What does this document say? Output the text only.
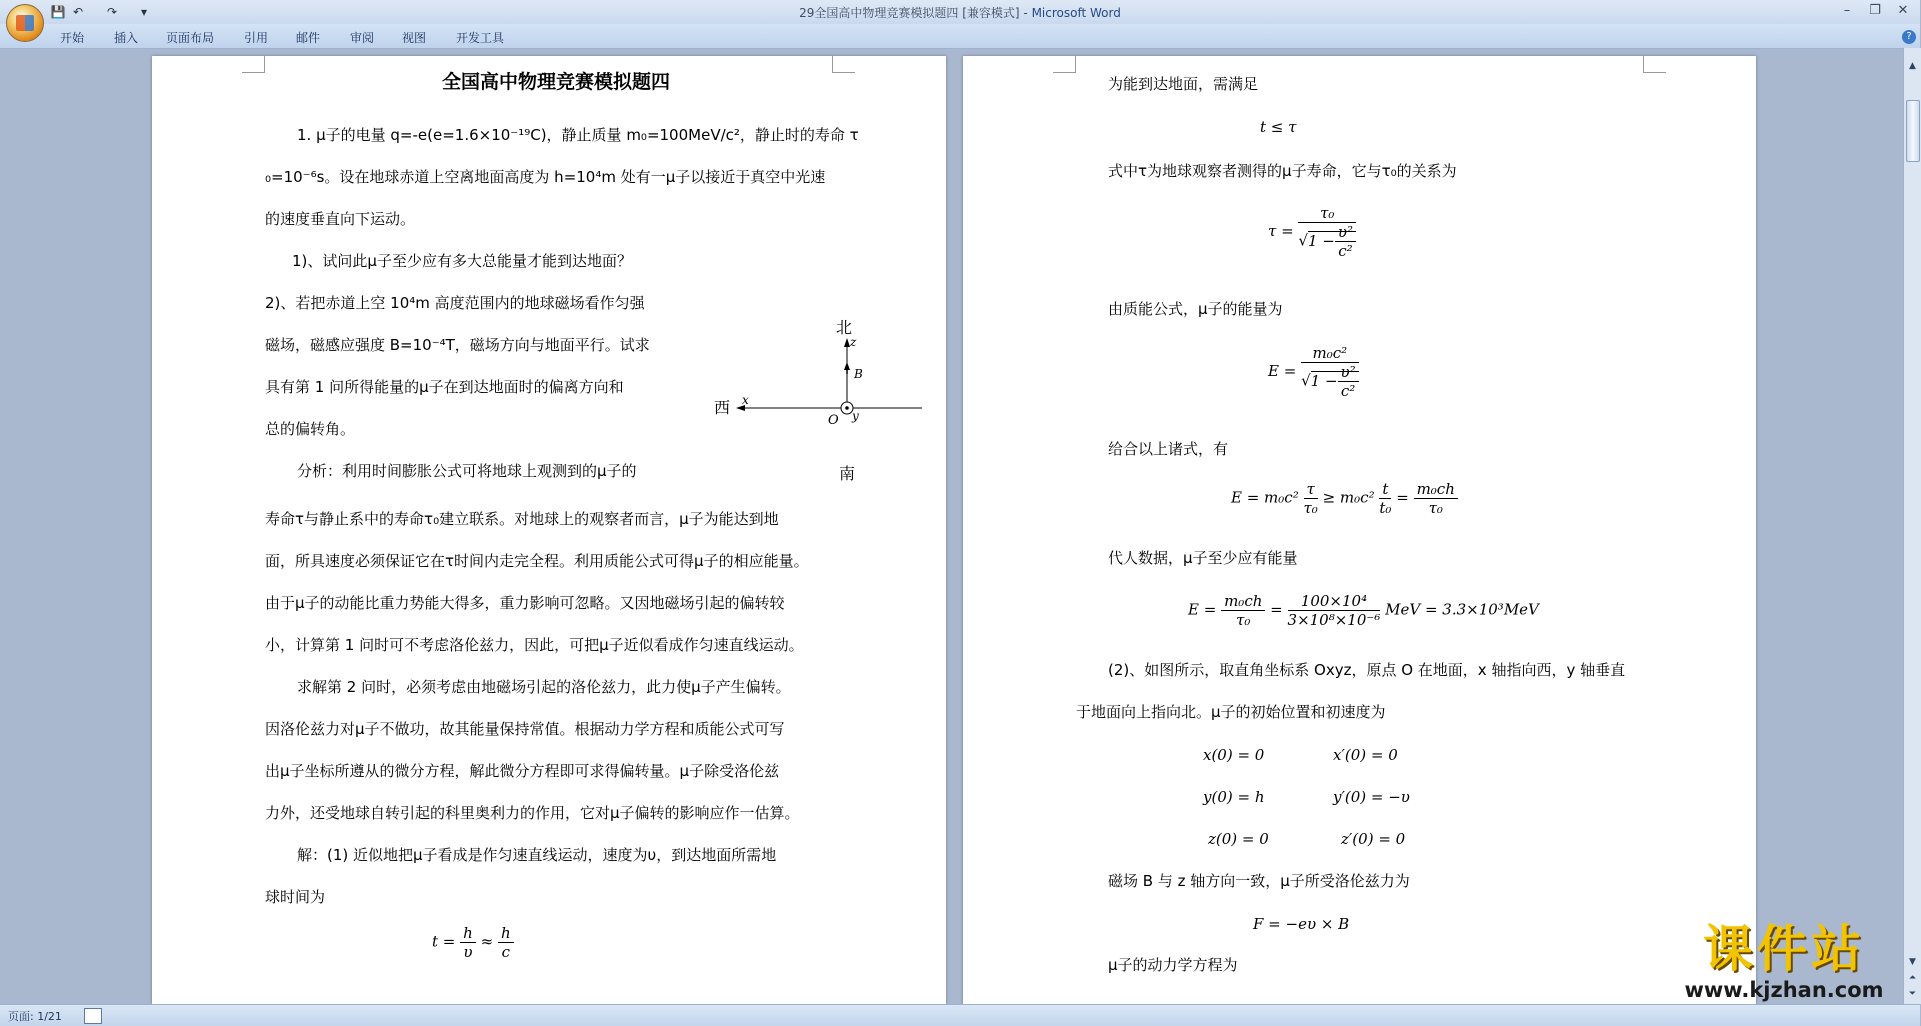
💾 ↶ ↷	▾	29全国高中物理竞赛模拟题四 [兼容模式] - Microsoft Word	–	❐	✕
开始 插入 页面布局 引用 邮件 审阅 视图 开发工具	?
全国高中物理竞赛模拟题四
1. μ子的电量 q=-e(e=1.6×10⁻¹⁹C)，静止质量 m₀=100MeV/c²，静止时的寿命 τ
₀=10⁻⁶s。设在地球赤道上空离地面高度为 h=10⁴m 处有一μ子以接近于真空中光速
的速度垂直向下运动。
1)、试问此μ子至少应有多大总能量才能到达地面？
2)、若把赤道上空 10⁴m 高度范围内的地球磁场看作匀强
磁场，磁感应强度 B=10⁻⁴T，磁场方向与地面平行。试求
具有第 1 问所得能量的μ子在到达地面时的偏离方向和
总的偏转角。
分析：利用时间膨胀公式可将地球上观测到的μ子的
寿命τ与静止系中的寿命τ₀建立联系。对地球上的观察者而言，μ子为能达到地
面，所具速度必须保证它在τ时间内走完全程。利用质能公式可得μ子的相应能量。
由于μ子的动能比重力势能大得多，重力影响可忽略。又因地磁场引起的偏转较
小，计算第 1 问时可不考虑洛伦兹力，因此，可把μ子近似看成作匀速直线运动。
求解第 2 问时，必须考虑由地磁场引起的洛伦兹力，此力使μ子产生偏转。
因洛伦兹力对μ子不做功，故其能量保持常值。根据动力学方程和质能公式可写
出μ子坐标所遵从的微分方程，解此微分方程即可求得偏转量。μ子除受洛伦兹
力外，还受地球自转引起的科里奥利力的作用，它对μ子偏转的影响应作一估算。
解：(1) 近似地把μ子看成是作匀速直线运动，速度为υ，到达地面所需地
球时间为
$t = \frac{h}{\upsilon} \approx \frac{h}{c}$
北
z
B
x
西
O y
南
为能到达地面，需满足
t ≤ τ
式中τ为地球观察者测得的μ子寿命，它与τ₀的关系为
$\tau = \frac{\text{τ₀}}{√1 - \frac{\text{υ²}}{\text{c²}}}$
由质能公式，μ子的能量为
$E = \frac{\text{m₀c²}}{√1 - \frac{\text{υ²}}{\text{c²}}}$
给合以上诸式，有
$E = m_0c^2 \frac{\tau}{\text{τ₀}} \ge m_0c^2 \frac{t}{\text{t₀}} = \frac{\text{m₀ch}}{\text{τ₀}}$
代人数据，μ子至少应有能量
$E = \frac{\text{m₀ch}}{\text{τ₀}} = \frac{\text{100×10⁴}}{\text{3×10⁸×10⁻⁶}}$ MeV = 3.3×10³MeV
(2)、如图所示，取直角坐标系 Oxyz，原点 O 在地面，x 轴指向西，y 轴垂直
于地面向上指向北。μ子的初始位置和初速度为
x(0) = 0	x′(0) = 0
y(0) = h	y′(0) = −υ
z(0) = 0	z′(0) = 0
磁场 B 与 z 轴方向一致，μ子所受洛伦兹力为
F = −eυ × B
μ子的动力学方程为
▲
▼
⏶
⏷
页面: 1/21
课件站
www.kjzhan.com
